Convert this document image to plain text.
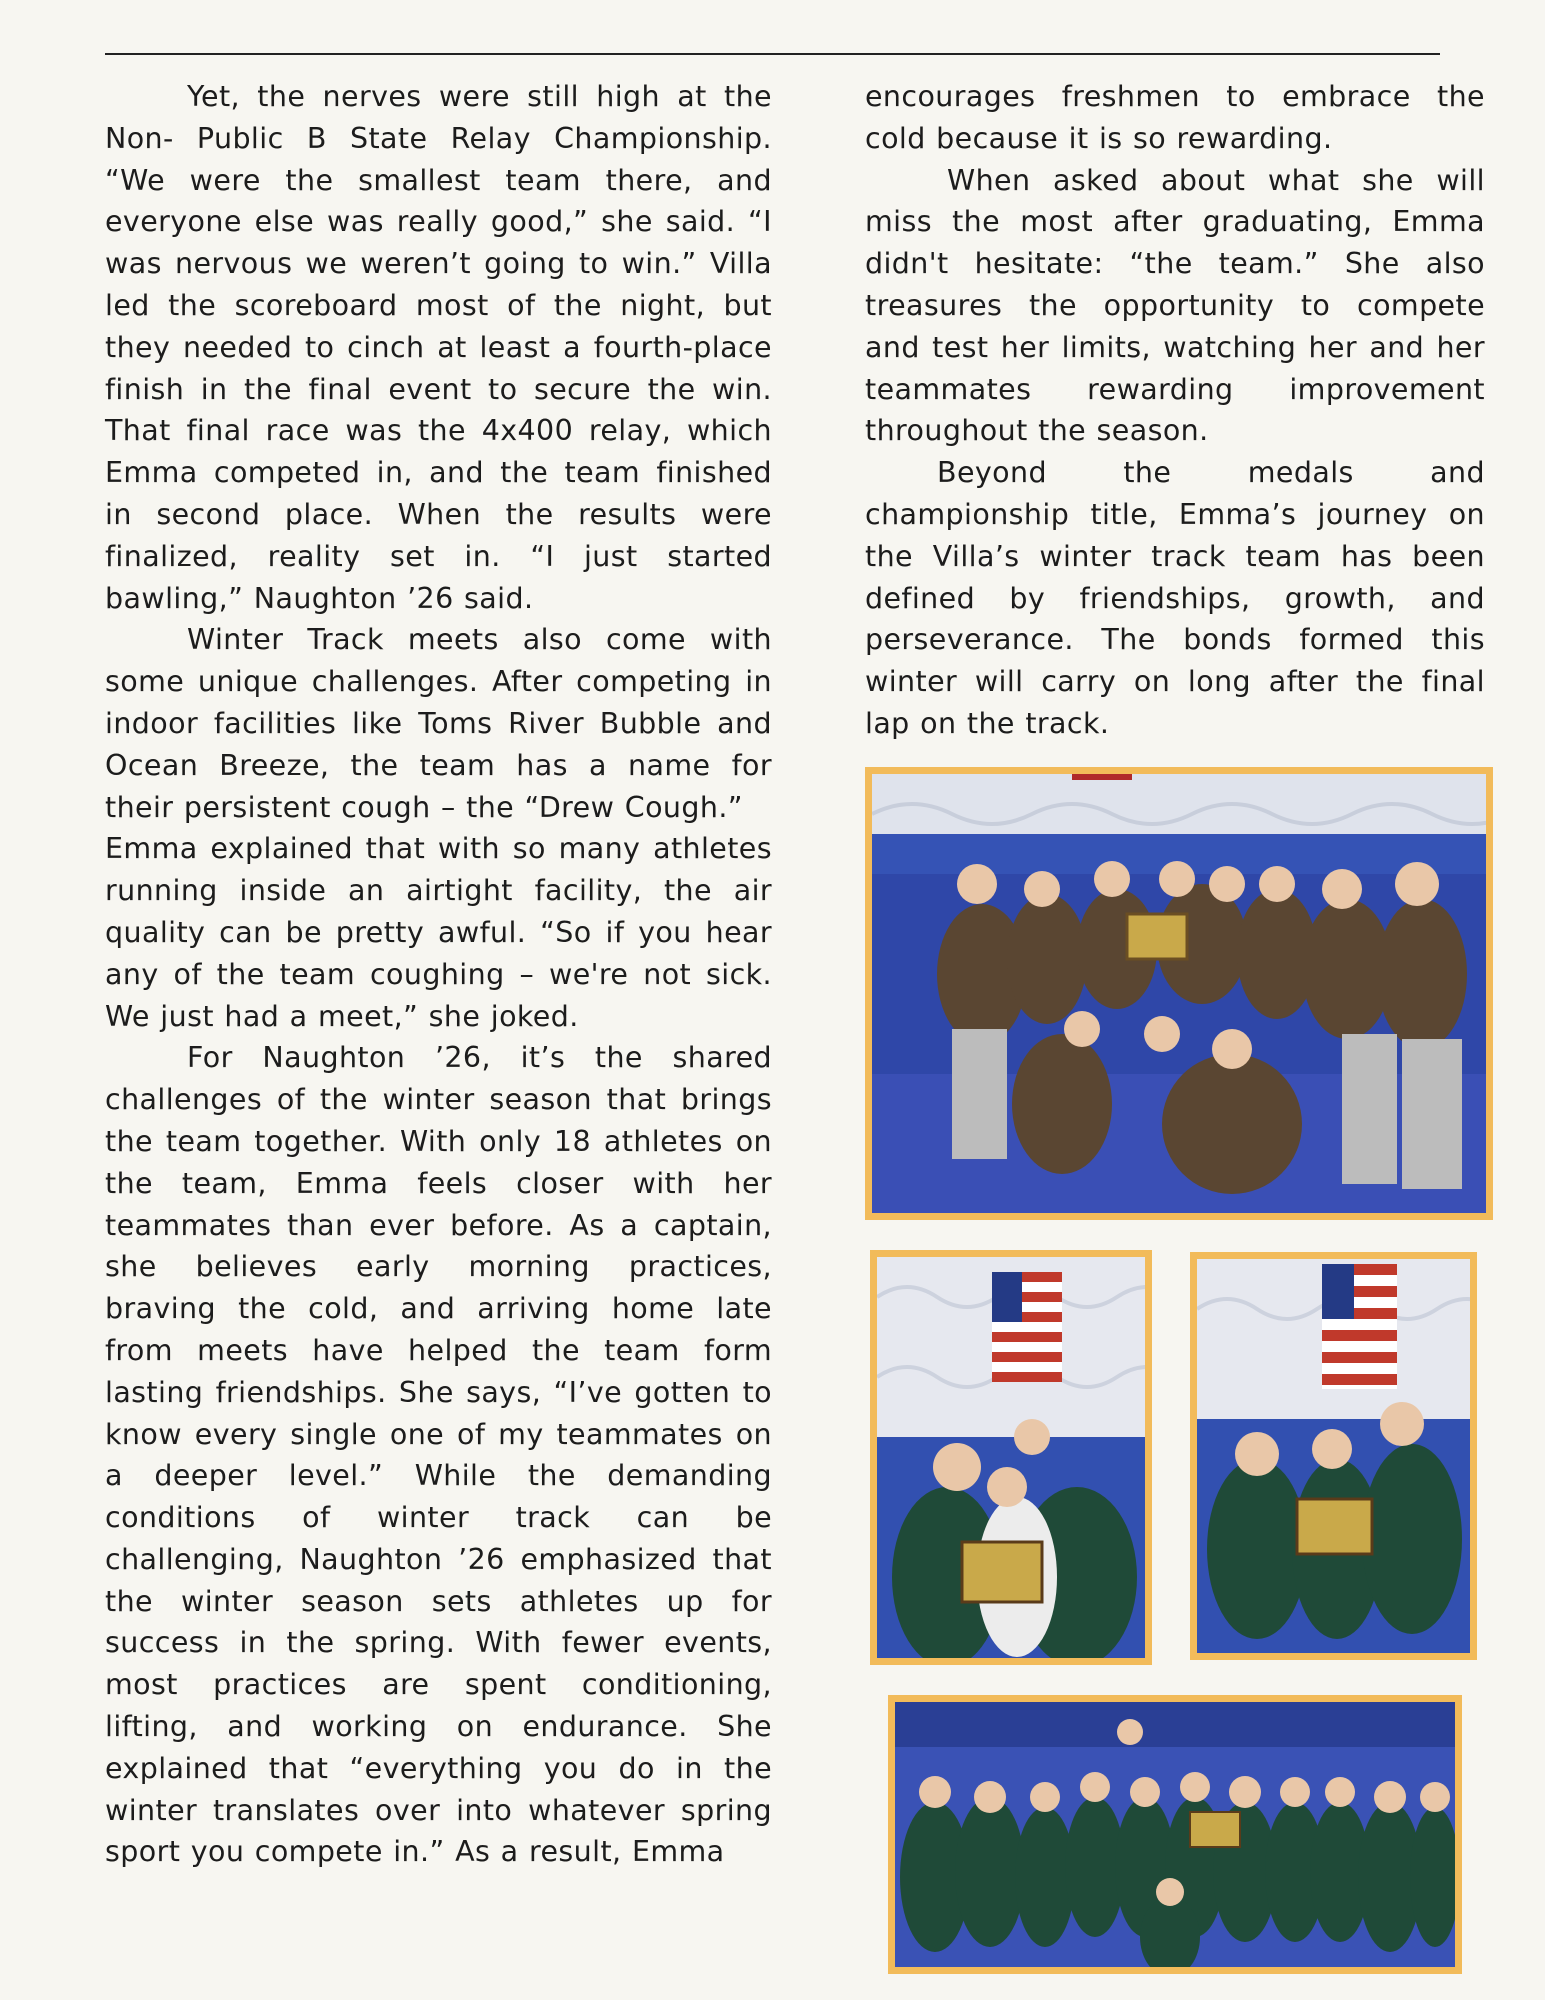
Yet, the nerves were still high at the Non- Public B State Relay Championship. “We were the smallest team there, and everyone else was really good,” she said. “I was nervous we weren’t going to win.” Villa led the scoreboard most of the night, but they needed to cinch at least a fourth-place finish in the final event to secure the win. That final race was the 4x400 relay, which Emma competed in, and the team finished in second place. When the results were finalized, reality set in. “I just started bawling,” Naughton ’26 said.

Winter Track meets also come with some unique challenges. After competing in indoor facilities like Toms River Bubble and Ocean Breeze, the team has a name for their persistent cough – the “Drew Cough.”

Emma explained that with so many athletes running inside an airtight facility, the air quality can be pretty awful. “So if you hear any of the team coughing – we're not sick. We just had a meet,” she joked.

For Naughton ’26, it’s the shared challenges of the winter season that brings the team together. With only 18 athletes on the team, Emma feels closer with her teammates than ever before. As a captain, she believes early morning practices, braving the cold, and arriving home late from meets have helped the team form lasting friendships. She says, “I’ve gotten to know every single one of my teammates on a deeper level.” While the demanding conditions of winter track can be challenging, Naughton ’26 emphasized that the winter season sets athletes up for success in the spring. With fewer events, most practices are spent conditioning, lifting, and working on endurance. She explained that “everything you do in the winter translates over into whatever spring sport you compete in.” As a result, Emma

encourages freshmen to embrace the cold because it is so rewarding.

When asked about what she will miss the most after graduating, Emma didn't hesitate: “the team.” She also treasures the opportunity to compete and test her limits, watching her and her teammates rewarding improvement throughout the season.

Beyond the medals and championship title, Emma’s journey on the Villa’s winter track team has been defined by friendships, growth, and perseverance. The bonds formed this winter will carry on long after the final lap on the track.
